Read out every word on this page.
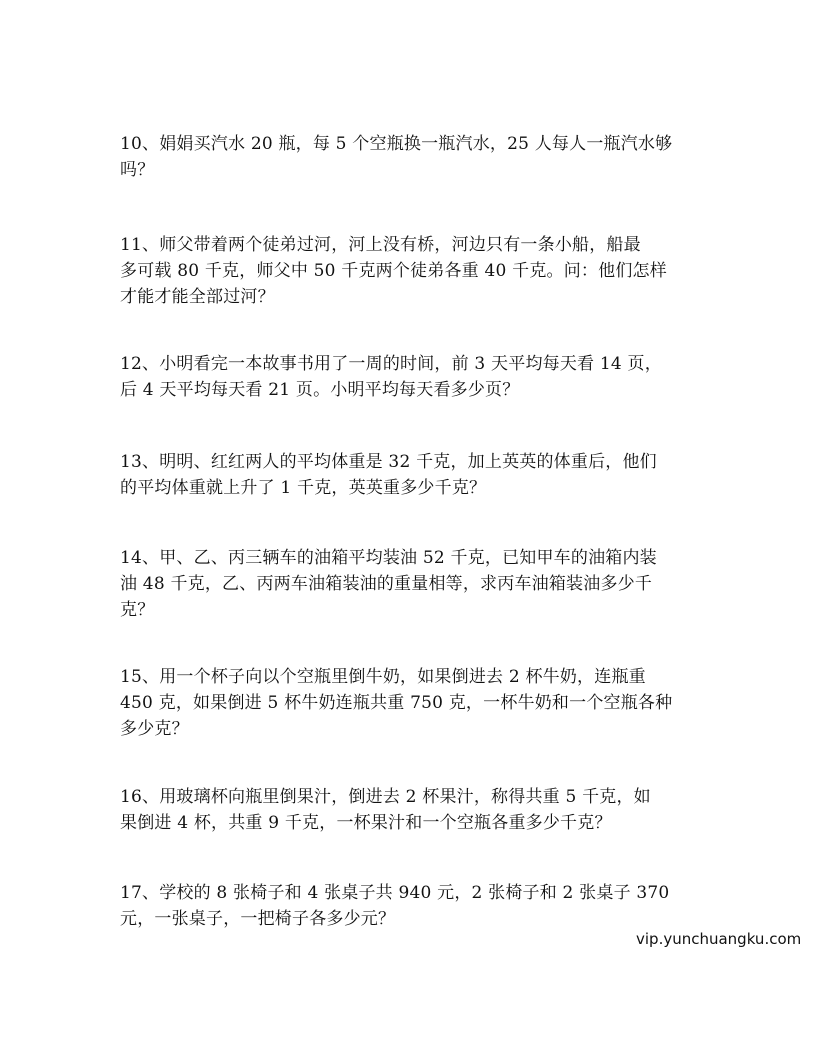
10、娟娟买汽水 20 瓶，每 5 个空瓶换一瓶汽水，25 人每人一瓶汽水够
吗？
11、师父带着两个徒弟过河，河上没有桥，河边只有一条小船，船最
多可载 80 千克，师父中 50 千克两个徒弟各重 40 千克。问：他们怎样
才能才能全部过河？
12、小明看完一本故事书用了一周的时间，前 3 天平均每天看 14 页，
后 4 天平均每天看 21 页。小明平均每天看多少页？
13、明明、红红两人的平均体重是 32 千克，加上英英的体重后，他们
的平均体重就上升了 1 千克，英英重多少千克？
14、甲、乙、丙三辆车的油箱平均装油 52 千克，已知甲车的油箱内装
油 48 千克，乙、丙两车油箱装油的重量相等，求丙车油箱装油多少千
克？
15、用一个杯子向以个空瓶里倒牛奶，如果倒进去 2 杯牛奶，连瓶重
450 克，如果倒进 5 杯牛奶连瓶共重 750 克，一杯牛奶和一个空瓶各种
多少克？
16、用玻璃杯向瓶里倒果汁，倒进去 2 杯果汁，称得共重 5 千克，如
果倒进 4 杯，共重 9 千克，一杯果汁和一个空瓶各重多少千克？
17、学校的 8 张椅子和 4 张桌子共 940 元，2 张椅子和 2 张桌子 370
元，一张桌子，一把椅子各多少元？
vip.yunchuangku.com
